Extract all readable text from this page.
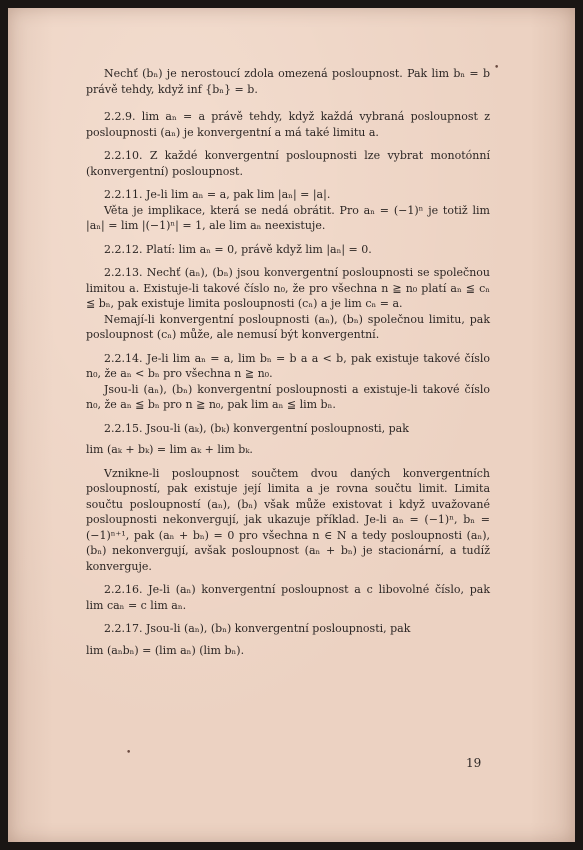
Nechť (bₙ) je nerostoucí zdola omezená posloupnost. Pak lim bₙ = b právě tehdy, když inf {bₙ} = b.

2.2.9. lim aₙ = a právě tehdy, když každá vybraná posloupnost z posloupnosti (aₙ) je konvergentní a má také limitu a.

2.2.10. Z každé konvergentní posloupnosti lze vybrat monotónní (konvergentní) posloupnost.

2.2.11. Je-li lim aₙ = a, pak lim |aₙ| = |a|.

Věta je implikace, která se nedá obrátit. Pro aₙ = (−1)ⁿ je totiž lim |aₙ| = lim |(−1)ⁿ| = 1, ale lim aₙ neexistuje.

2.2.12. Platí: lim aₙ = 0, právě když lim |aₙ| = 0.

2.2.13. Nechť (aₙ), (bₙ) jsou konvergentní posloupnosti se společnou limitou a. Existuje-li takové číslo n₀, že pro všechna n ≧ n₀ platí aₙ ≦ cₙ ≦ bₙ, pak existuje limita posloupnosti (cₙ) a je lim cₙ = a.

Nemají-li konvergentní posloupnosti (aₙ), (bₙ) společnou limitu, pak posloupnost (cₙ) může, ale nemusí být konvergentní.

2.2.14. Je-li lim aₙ = a, lim bₙ = b a a < b, pak existuje takové číslo n₀, že aₙ < bₙ pro všechna n ≧ n₀.

Jsou-li (aₙ), (bₙ) konvergentní posloupnosti a existuje-li takové číslo n₀, že aₙ ≦ bₙ pro n ≧ n₀, pak lim aₙ ≦ lim bₙ.

2.2.15. Jsou-li (aₖ), (bₖ) konvergentní posloupnosti, pak

lim (aₖ + bₖ) = lim aₖ + lim bₖ.

Vznikne-li posloupnost součtem dvou daných konvergentních posloupností, pak existuje její limita a je rovna součtu limit. Limita součtu posloupností (aₙ), (bₙ) však může existovat i když uvažované posloupnosti nekonvergují, jak ukazuje příklad. Je-li aₙ = (−1)ⁿ, bₙ = (−1)ⁿ⁺¹, pak (aₙ + bₙ) = 0 pro všechna n ∈ N a tedy posloupnosti (aₙ), (bₙ) nekonvergují, avšak posloupnost (aₙ + bₙ) je stacionární, a tudíž konverguje.

2.2.16. Je-li (aₙ) konvergentní posloupnost a c libovolné číslo, pak lim caₙ = c lim aₙ.

2.2.17. Jsou-li (aₙ), (bₙ) konvergentní posloupnosti, pak

lim (aₙbₙ) = (lim aₙ) (lim bₙ).

19
•
•
